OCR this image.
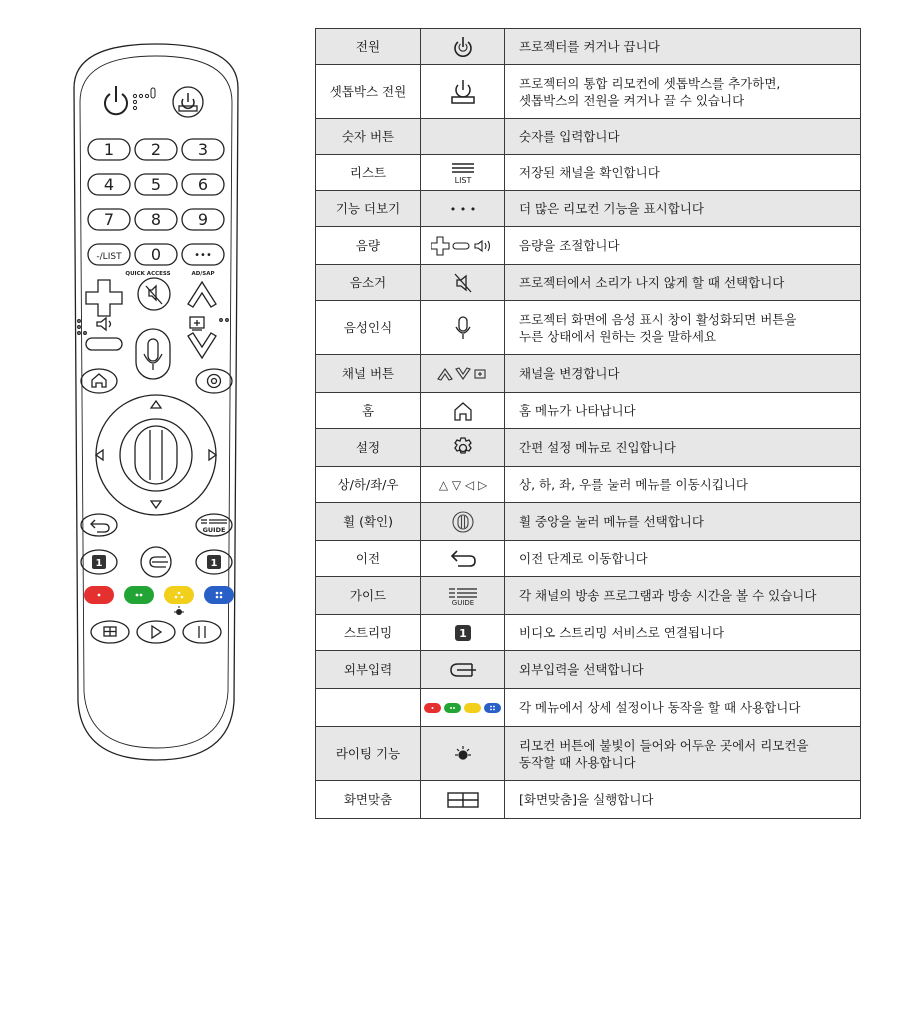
1 2 3
4 5 6
7 8 9
-/LIST 0	•••
QUICK ACCESS	AD/SAP
GUIDE
1	1
전원		프로젝터를 켜거나 끕니다
셋톱박스 전원		프로젝터의 통합 리모컨에 셋톱박스를 추가하면,
셋톱박스의 전원을 켜거나 끌 수 있습니다
숫자 버튼		숫자를 입력합니다
리스트	LIST	저장된 채널을 확인합니다
기능 더보기	• • •	더 많은 리모컨 기능을 표시합니다
음량		음량을 조절합니다
음소거		프로젝터에서 소리가 나지 않게 할 때 선택합니다
음성인식		프로젝터 화면에 음성 표시 창이 활성화되면 버튼을
누른 상태에서 원하는 것을 말하세요
채널 버튼		채널을 변경합니다
홈		홈 메뉴가 나타납니다
설정		간편 설정 메뉴로 진입합니다
상/하/좌/우	△ ▽ ◁ ▷	상, 하, 좌, 우를 눌러 메뉴를 이동시킵니다
휠 (확인)		휠 중앙을 눌러 메뉴를 선택합니다
이전		이전 단계로 이동합니다
가이드	GUIDE	각 채널의 방송 프로그램과 방송 시간을 볼 수 있습니다
스트리밍	1	비디오 스트리밍 서비스로 연결됩니다
외부입력		외부입력을 선택합니다

	각 메뉴에서 상세 설정이나 동작을 할 때 사용합니다
라이팅 기능		리모컨 버튼에 불빛이 들어와 어두운 곳에서 리모컨을
동작할 때 사용합니다
화면맞춤		[화면맞춤]을 실행합니다
